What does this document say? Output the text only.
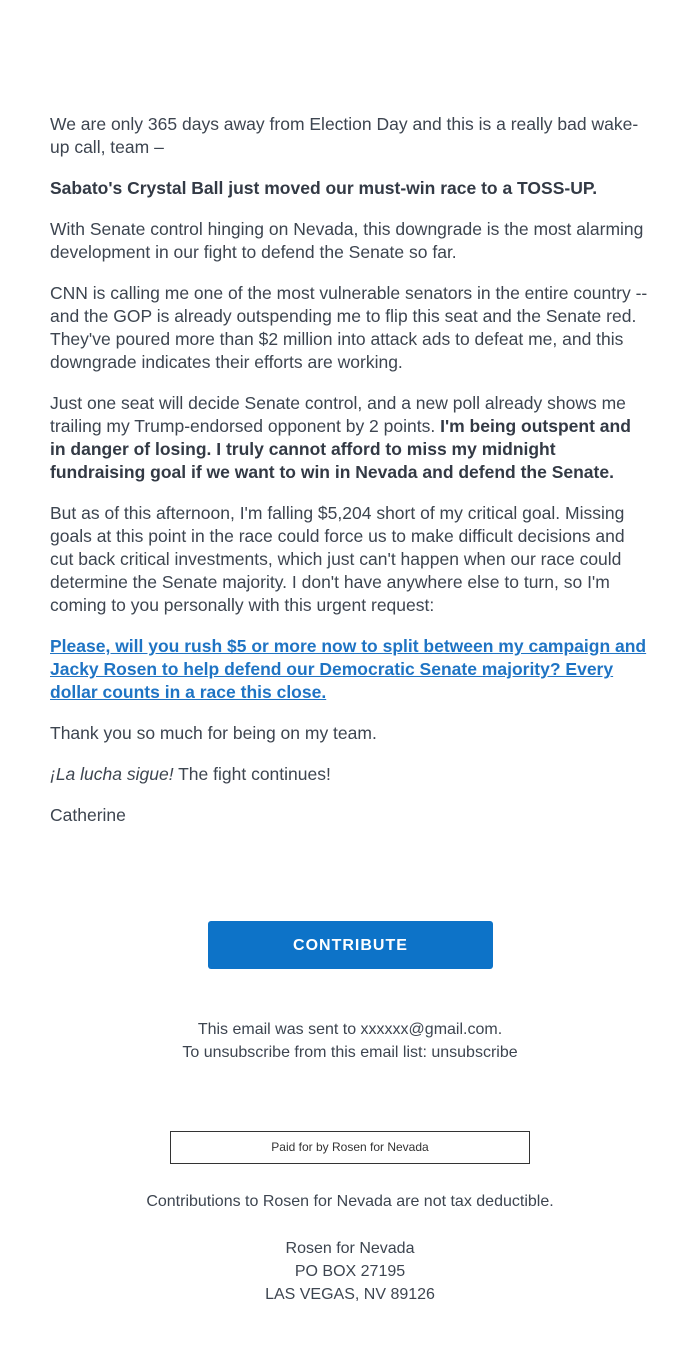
We are only 365 days away from Election Day and this is a really bad wake-up call, team –

Sabato's Crystal Ball just moved our must-win race to a TOSS-UP.

With Senate control hinging on Nevada, this downgrade is the most alarming development in our fight to defend the Senate so far.

CNN is calling me one of the most vulnerable senators in the entire country -- and the GOP is already outspending me to flip this seat and the Senate red. They've poured more than $2 million into attack ads to defeat me, and this downgrade indicates their efforts are working.

Just one seat will decide Senate control, and a new poll already shows me trailing my Trump-endorsed opponent by 2 points. I'm being outspent and in danger of losing. I truly cannot afford to miss my midnight fundraising goal if we want to win in Nevada and defend the Senate.

But as of this afternoon, I'm falling $5,204 short of my critical goal. Missing goals at this point in the race could force us to make difficult decisions and cut back critical investments, which just can't happen when our race could determine the Senate majority. I don't have anywhere else to turn, so I'm coming to you personally with this urgent request:

Please, will you rush $5 or more now to split between my campaign and Jacky Rosen to help defend our Democratic Senate majority? Every dollar counts in a race this close.

Thank you so much for being on my team.

¡La lucha sigue! The fight continues!

Catherine

CONTRIBUTE
This email was sent to xxxxxx@gmail.com.
To unsubscribe from this email list: unsubscribe
Paid for by Rosen for Nevada
Contributions to Rosen for Nevada are not tax deductible.
Rosen for Nevada
PO BOX 27195
LAS VEGAS, NV 89126
